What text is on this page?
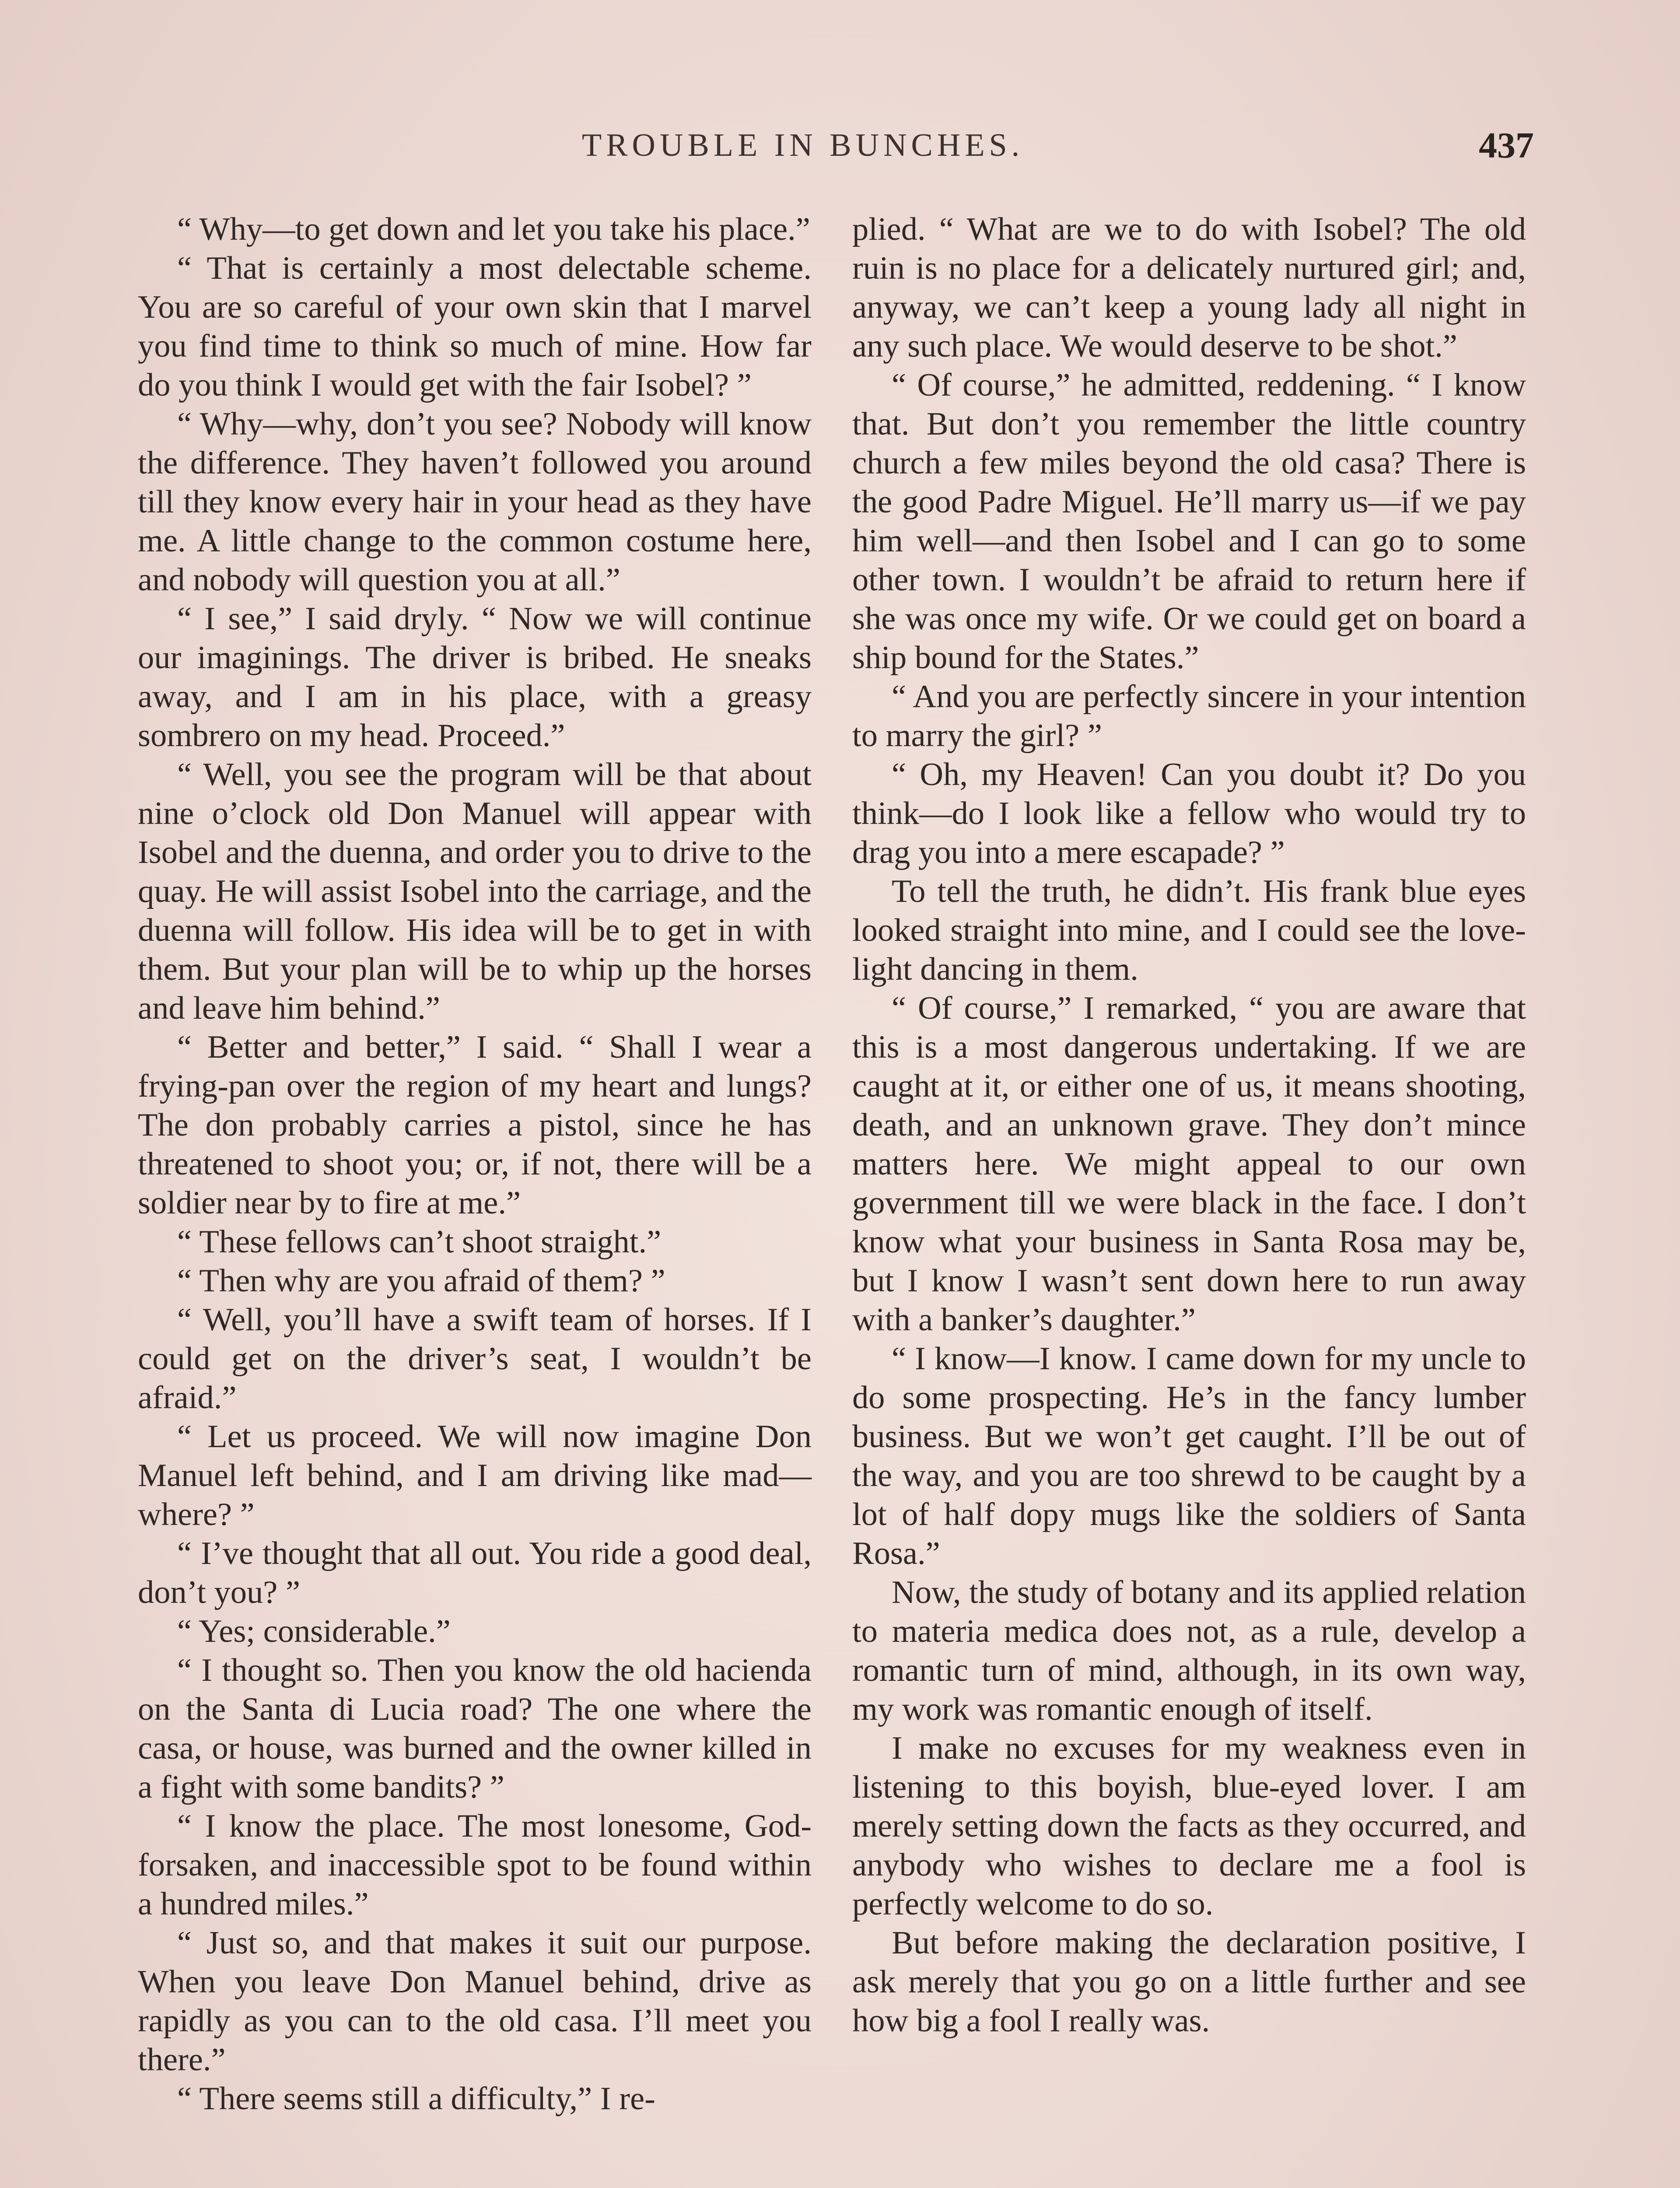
TROUBLE IN BUNCHES.	437

“ Why—to get down and let you take his place.”

“ That is certainly a most delectable scheme. You are so careful of your own skin that I marvel you find time to think so much of mine. How far do you think I would get with the fair Isobel? ”

“ Why—why, don’t you see? Nobody will know the difference. They haven’t followed you around till they know every hair in your head as they have me. A little change to the common costume here, and nobody will question you at all.”

“ I see,” I said dryly. “ Now we will continue our imaginings. The driver is bribed. He sneaks away, and I am in his place, with a greasy sombrero on my head. Proceed.”

“ Well, you see the program will be that about nine o’clock old Don Manuel will appear with Isobel and the duenna, and order you to drive to the quay. He will assist Isobel into the carriage, and the duenna will follow. His idea will be to get in with them. But your plan will be to whip up the horses and leave him behind.”

“ Better and better,” I said. “ Shall I wear a frying-pan over the region of my heart and lungs? The don probably carries a pistol, since he has threatened to shoot you; or, if not, there will be a soldier near by to fire at me.”

“ These fellows can’t shoot straight.”

“ Then why are you afraid of them? ”

“ Well, you’ll have a swift team of horses. If I could get on the driver’s seat, I wouldn’t be afraid.”

“ Let us proceed. We will now imagine Don Manuel left behind, and I am driving like mad—where? ”

“ I’ve thought that all out. You ride a good deal, don’t you? ”

“ Yes; considerable.”

“ I thought so. Then you know the old hacienda on the Santa di Lucia road? The one where the casa, or house, was burned and the owner killed in a fight with some bandits? ”

“ I know the place. The most lonesome, God-forsaken, and inaccessible spot to be found within a hundred miles.”

“ Just so, and that makes it suit our purpose. When you leave Don Manuel behind, drive as rapidly as you can to the old casa. I’ll meet you there.”

“ There seems still a difficulty,” I re-

plied. “ What are we to do with Isobel? The old ruin is no place for a delicately nurtured girl; and, anyway, we can’t keep a young lady all night in any such place. We would deserve to be shot.”

“ Of course,” he admitted, reddening. “ I know that. But don’t you remember the little country church a few miles beyond the old casa? There is the good Padre Miguel. He’ll marry us—if we pay him well—and then Isobel and I can go to some other town. I wouldn’t be afraid to return here if she was once my wife. Or we could get on board a ship bound for the States.”

“ And you are perfectly sincere in your intention to marry the girl? ”

“ Oh, my Heaven! Can you doubt it? Do you think—do I look like a fellow who would try to drag you into a mere escapade? ”

To tell the truth, he didn’t. His frank blue eyes looked straight into mine, and I could see the love-light dancing in them.

“ Of course,” I remarked, “ you are aware that this is a most dangerous undertaking. If we are caught at it, or either one of us, it means shooting, death, and an unknown grave. They don’t mince matters here. We might appeal to our own government till we were black in the face. I don’t know what your business in Santa Rosa may be, but I know I wasn’t sent down here to run away with a banker’s daughter.”

“ I know—I know. I came down for my uncle to do some prospecting. He’s in the fancy lumber business. But we won’t get caught. I’ll be out of the way, and you are too shrewd to be caught by a lot of half dopy mugs like the soldiers of Santa Rosa.”

Now, the study of botany and its applied relation to materia medica does not, as a rule, develop a romantic turn of mind, although, in its own way, my work was romantic enough of itself.

I make no excuses for my weakness even in listening to this boyish, blue-eyed lover. I am merely setting down the facts as they occurred, and anybody who wishes to declare me a fool is perfectly welcome to do so.

But before making the declaration positive, I ask merely that you go on a little further and see how big a fool I really was.
